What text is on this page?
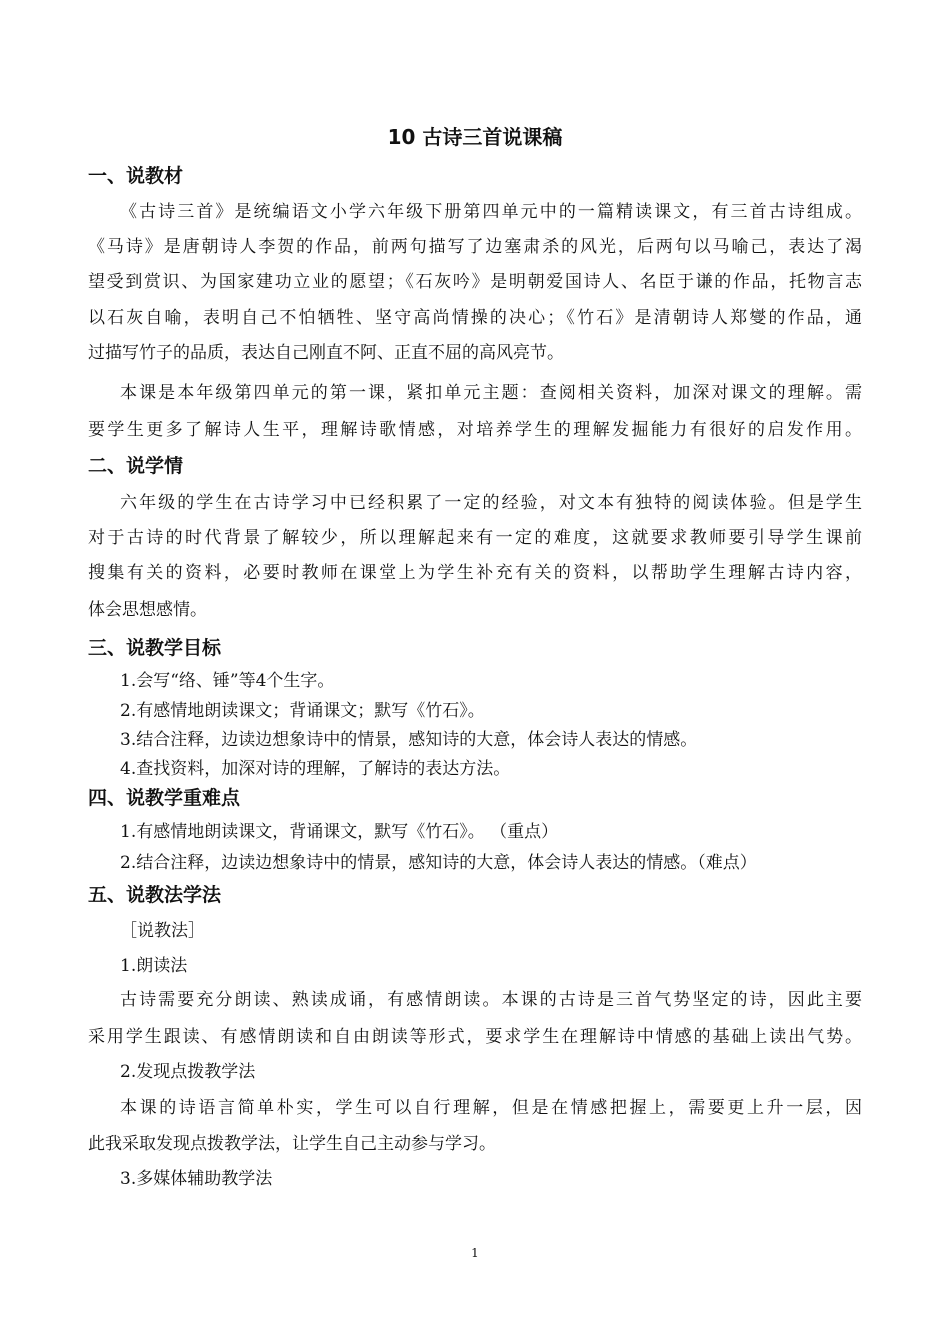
10 古诗三首说课稿
一、说教材
《古诗三首》是统编语文小学六年级下册第四单元中的一篇精读课文，有三首古诗组成。
《马诗》是唐朝诗人李贺的作品，前两句描写了边塞肃杀的风光，后两句以马喻己，表达了渴
望受到赏识、为国家建功立业的愿望；《石灰吟》是明朝爱国诗人、名臣于谦的作品，托物言志
以石灰自喻，表明自己不怕牺牲、坚守高尚情操的决心；《竹石》是清朝诗人郑燮的作品，通
过描写竹子的品质，表达自己刚直不阿、正直不屈的高风亮节。
本课是本年级第四单元的第一课，紧扣单元主题：查阅相关资料，加深对课文的理解。需
要学生更多了解诗人生平，理解诗歌情感，对培养学生的理解发掘能力有很好的启发作用。
二、说学情
六年级的学生在古诗学习中已经积累了一定的经验，对文本有独特的阅读体验。但是学生
对于古诗的时代背景了解较少，所以理解起来有一定的难度，这就要求教师要引导学生课前
搜集有关的资料，必要时教师在课堂上为学生补充有关的资料，以帮助学生理解古诗内容，
体会思想感情。
三、说教学目标
1.会写“络、锤”等4个生字。
2.有感情地朗读课文；背诵课文；默写《竹石》。
3.结合注释，边读边想象诗中的情景，感知诗的大意，体会诗人表达的情感。
4.查找资料，加深对诗的理解，了解诗的表达方法。
四、说教学重难点
1.有感情地朗读课文，背诵课文，默写《竹石》。 （重点）
2.结合注释，边读边想象诗中的情景，感知诗的大意，体会诗人表达的情感。（难点）
五、说教法学法
［说教法］
1.朗读法
古诗需要充分朗读、熟读成诵，有感情朗读。本课的古诗是三首气势坚定的诗，因此主要
采用学生跟读、有感情朗读和自由朗读等形式，要求学生在理解诗中情感的基础上读出气势。
2.发现点拨教学法
本课的诗语言简单朴实，学生可以自行理解，但是在情感把握上，需要更上升一层，因
此我采取发现点拨教学法，让学生自己主动参与学习。
3.多媒体辅助教学法
1
